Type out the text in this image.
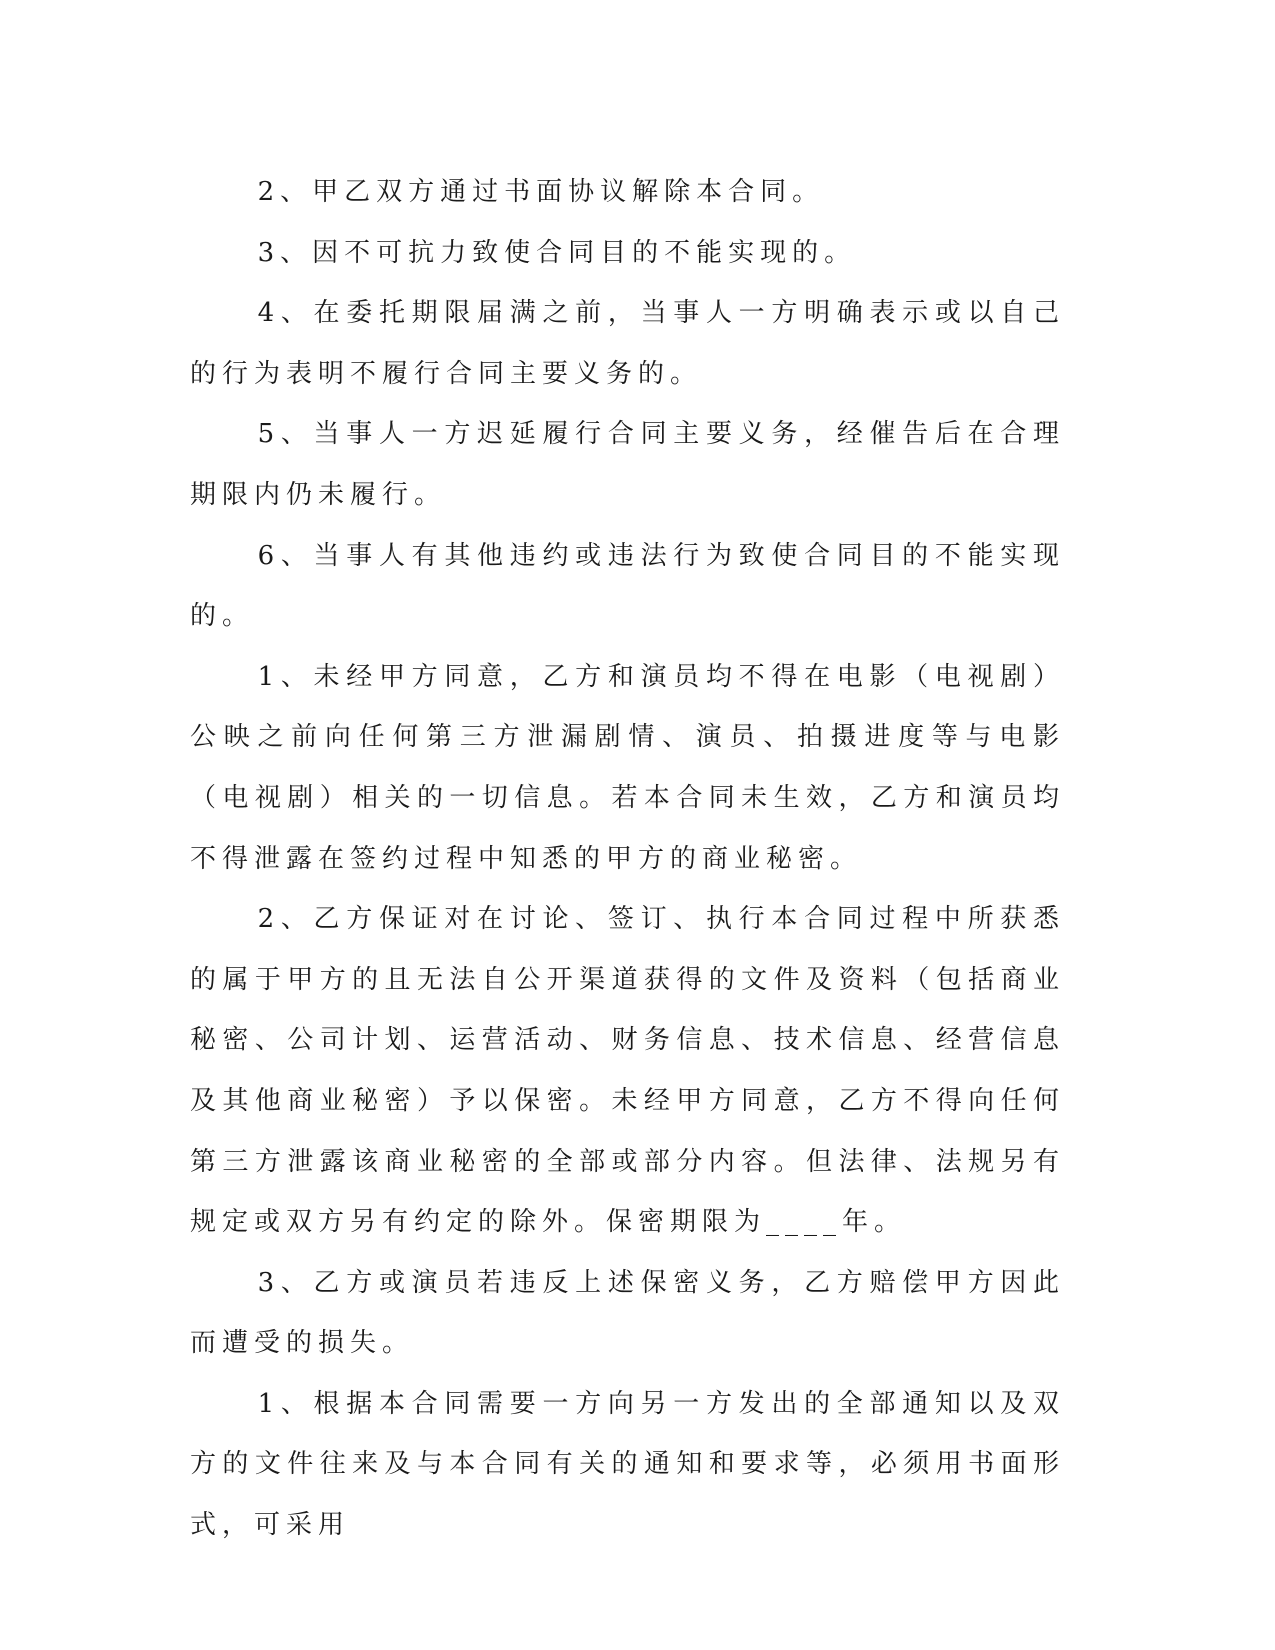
2、甲乙双方通过书面协议解除本合同。

3、因不可抗力致使合同目的不能实现的。

4、在委托期限届满之前，当事人一方明确表示或以自己的行为表明不履行合同主要义务的。

5、当事人一方迟延履行合同主要义务，经催告后在合理期限内仍未履行。

6、当事人有其他违约或违法行为致使合同目的不能实现的。

1、未经甲方同意，乙方和演员均不得在电影（电视剧）公映之前向任何第三方泄漏剧情、演员、拍摄进度等与电影（电视剧）相关的一切信息。若本合同未生效，乙方和演员均不得泄露在签约过程中知悉的甲方的商业秘密。

2、乙方保证对在讨论、签订、执行本合同过程中所获悉的属于甲方的且无法自公开渠道获得的文件及资料（包括商业秘密、公司计划、运营活动、财务信息、技术信息、经营信息及其他商业秘密）予以保密。未经甲方同意，乙方不得向任何第三方泄露该商业秘密的全部或部分内容。但法律、法规另有规定或双方另有约定的除外。保密期限为____年。

3、乙方或演员若违反上述保密义务，乙方赔偿甲方因此而遭受的损失。

1、根据本合同需要一方向另一方发出的全部通知以及双方的文件往来及与本合同有关的通知和要求等，必须用书面形式，可采用
